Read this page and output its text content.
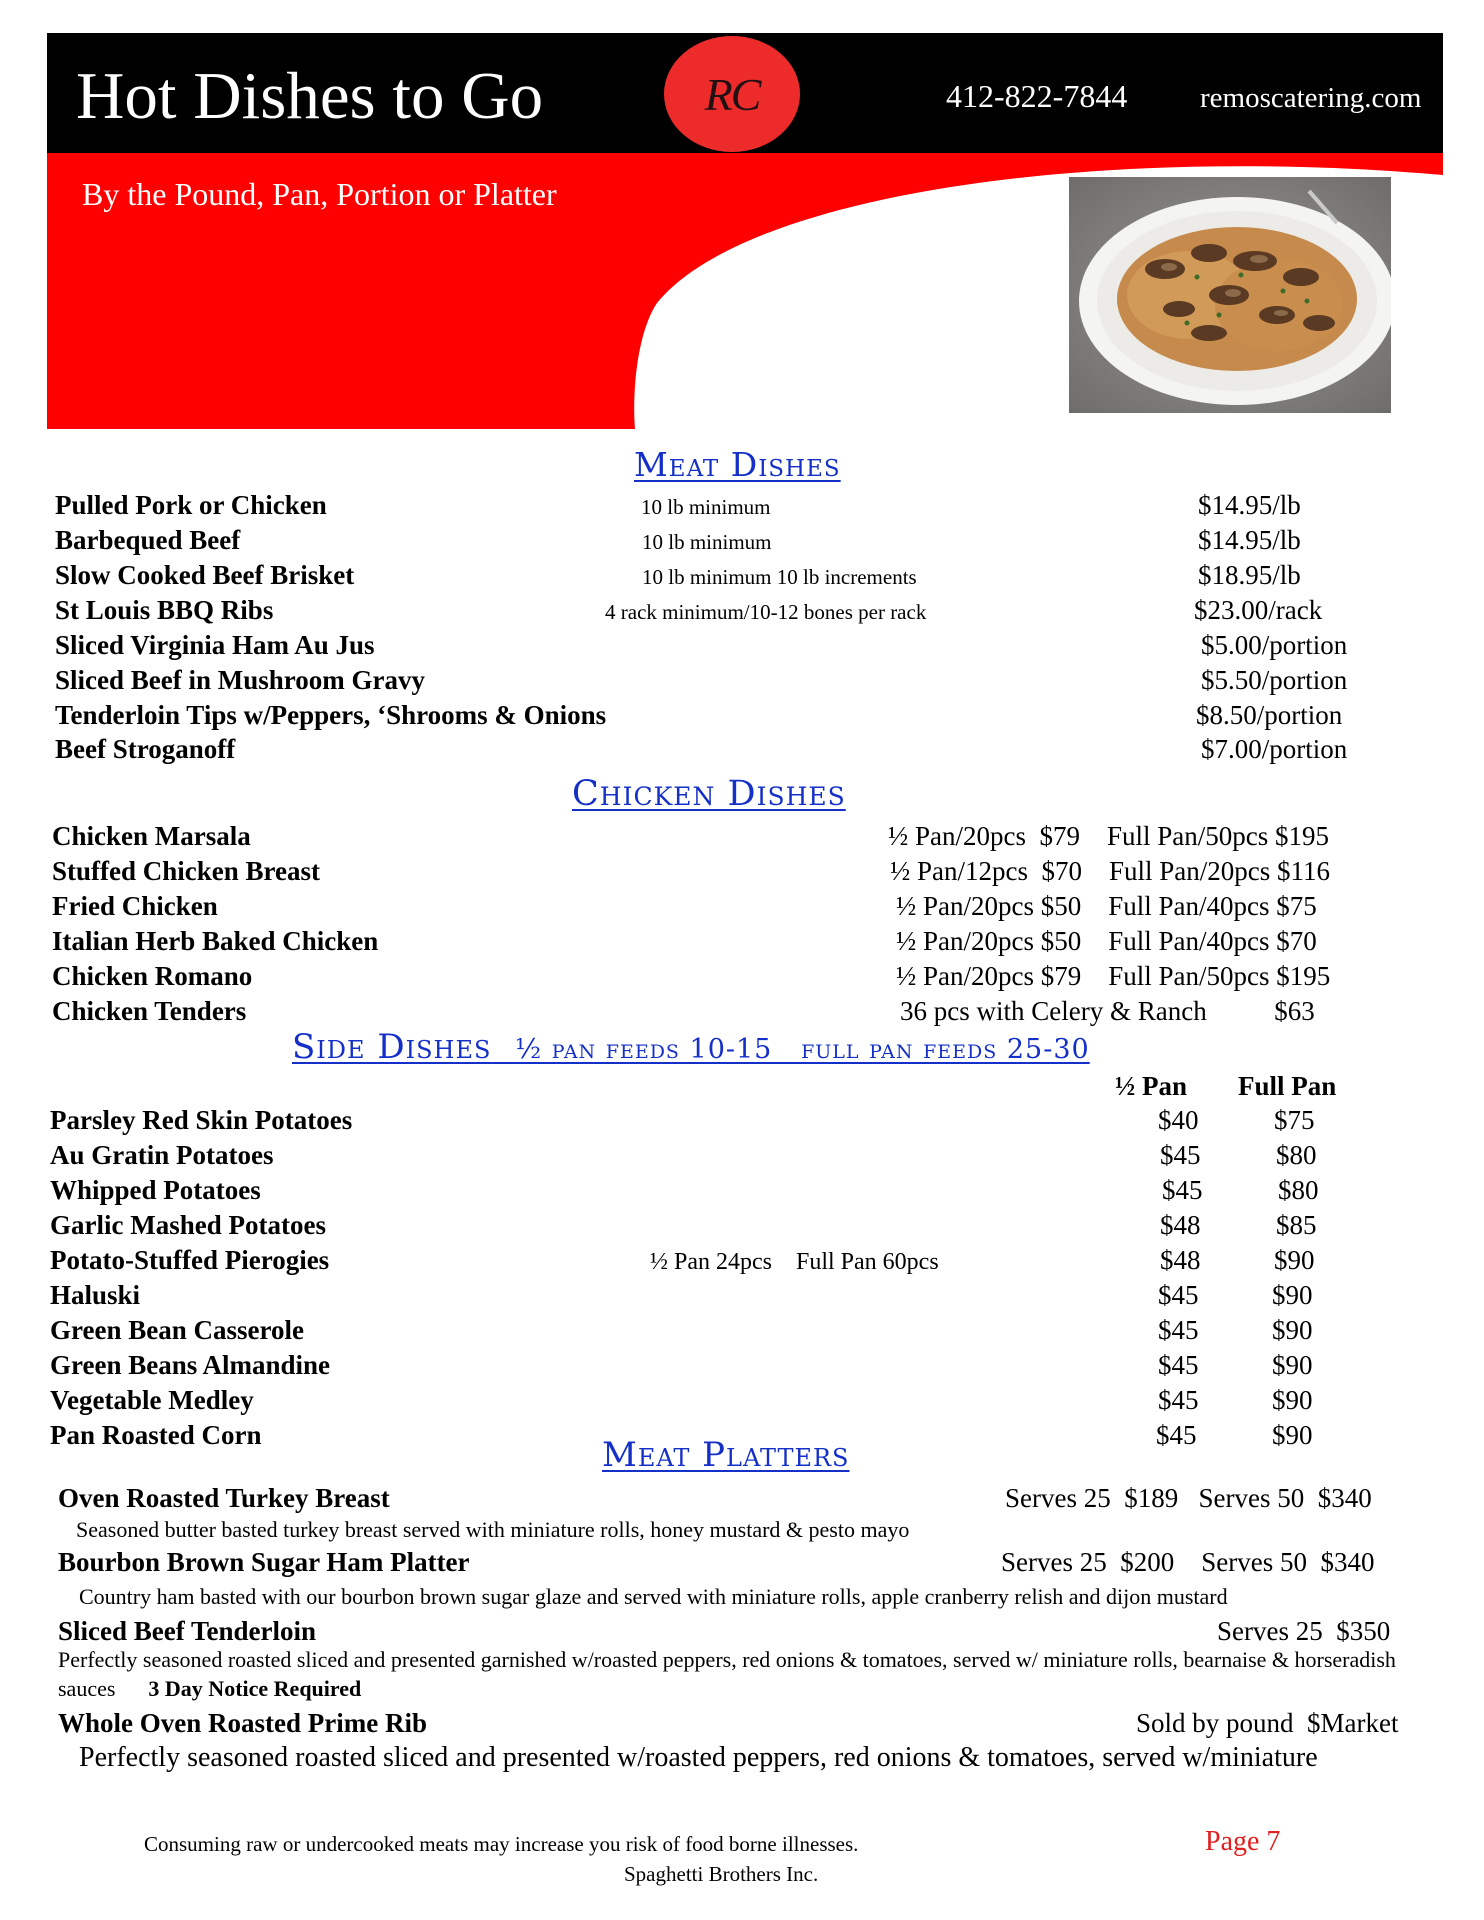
Hot Dishes to Go	RC	412-822-7844	remoscatering.com
By the Pound, Pan, Portion or Platter
Meat Dishes
Pulled Pork or Chicken	10 lb minimum	$14.95/lb
Barbequed Beef	10 lb minimum	$14.95/lb
Slow Cooked Beef Brisket	10 lb minimum 10 lb increments	$18.95/lb
St Louis BBQ Ribs	4 rack minimum/10-12 bones per rack	$23.00/rack
Sliced Virginia Ham Au Jus	$5.00/portion
Sliced Beef in Mushroom Gravy	$5.50/portion
Tenderloin Tips w/Peppers, ‘Shrooms & Onions	$8.50/portion
Beef Stroganoff	$7.00/portion
Chicken Dishes
Chicken Marsala	½ Pan/20pcs  $79    Full Pan/50pcs $195
Stuffed Chicken Breast	½ Pan/12pcs  $70    Full Pan/20pcs $116
Fried Chicken	½ Pan/20pcs $50    Full Pan/40pcs $75
Italian Herb Baked Chicken	½ Pan/20pcs $50    Full Pan/40pcs $70
Chicken Romano	½ Pan/20pcs $79    Full Pan/50pcs $195
Chicken Tenders	36 pcs with Celery & Ranch          $63
Side Dishes ½ pan feeds 10-15   full pan feeds 25-30
½ Pan Full Pan
Parsley Red Skin Potatoes	$40	$75
Au Gratin Potatoes	$45	$80
Whipped Potatoes	$45	$80
Garlic Mashed Potatoes	$48	$85
Potato-Stuffed Pierogies	½ Pan 24pcs    Full Pan 60pcs	$48	$90
Haluski	$45	$90
Green Bean Casserole	$45	$90
Green Beans Almandine	$45	$90
Vegetable Medley	$45	$90
Pan Roasted Corn	$45	$90
Meat Platters
Oven Roasted Turkey Breast	Serves 25  $189   Serves 50  $340
Seasoned butter basted turkey breast served with miniature rolls, honey mustard & pesto mayo
Bourbon Brown Sugar Ham Platter	Serves 25  $200    Serves 50  $340
Country ham basted with our bourbon brown sugar glaze and served with miniature rolls, apple cranberry relish and dijon mustard
Sliced Beef Tenderloin	Serves 25  $350
Perfectly seasoned roasted sliced and presented garnished w/roasted peppers, red onions & tomatoes, served w/ miniature rolls, bearnaise & horseradish sauces 3 Day Notice Required
Whole Oven Roasted Prime Rib	Sold by pound  $Market
Perfectly seasoned roasted sliced and presented w/roasted peppers, red onions & tomatoes, served w/miniature
Consuming raw or undercooked meats may increase you risk of food borne illnesses.
Spaghetti Brothers Inc.
Page 7
